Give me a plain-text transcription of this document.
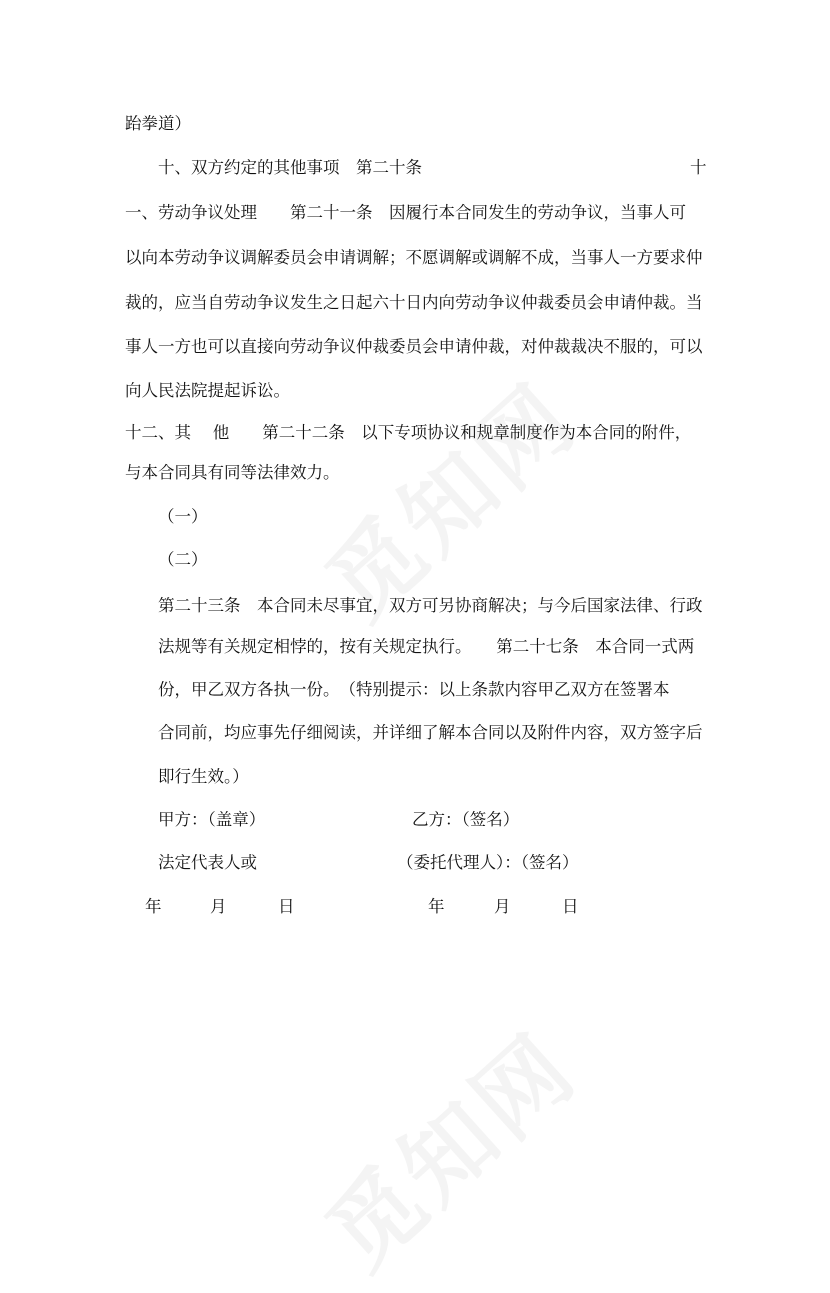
跆拳道）
十、双方约定的其他事项　第二十条	十
一、劳动争议处理　　第二十一条　因履行本合同发生的劳动争议，当事人可
以向本劳动争议调解委员会申请调解；不愿调解或调解不成，当事人一方要求仲
裁的，应当自劳动争议发生之日起六十日内向劳动争议仲裁委员会申请仲裁。当
事人一方也可以直接向劳动争议仲裁委员会申请仲裁，对仲裁裁决不服的，可以
向人民法院提起诉讼。
十二、其　 他　　第二十二条　以下专项协议和规章制度作为本合同的附件，
与本合同具有同等法律效力。
（一）
（二）
第二十三条　本合同未尽事宜，双方可另协商解决；与今后国家法律、行政
法规等有关规定相悖的，按有关规定执行。　　第二十七条　本合同一式两
份，甲乙双方各执一份。　（特别提示：以上条款内容甲乙双方在签署本
合同前，均应事先仔细阅读，并详细了解本合同以及附件内容，双方签字后
即行生效。）
甲方：（盖章）	乙方：（签名）
法定代表人或	（委托代理人）：（签名）
年	月	日	年	月	日
